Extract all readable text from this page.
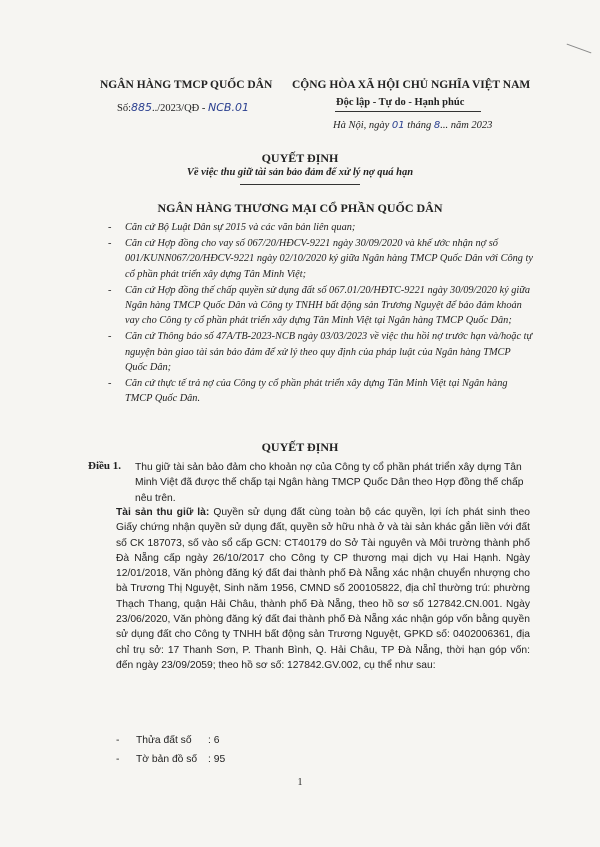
NGÂN HÀNG TMCP QUỐC DÂN CỘNG HÒA XÃ HỘI CHỦ NGHĨA VIỆT NAM
Độc lập - Tự do - Hạnh phúc
Số:885../2023/QĐ - NCB.01
Hà Nội, ngày 01 tháng 8... năm 2023
QUYẾT ĐỊNH
Về việc thu giữ tài sản bảo đảm để xử lý nợ quá hạn
NGÂN HÀNG THƯƠNG MẠI CỔ PHẦN QUỐC DÂN
- Căn cứ Bộ Luật Dân sự 2015 và các văn bản liên quan;
- Căn cứ Hợp đồng cho vay số 067/20/HĐCV-9221 ngày 30/09/2020 và khế ước nhận nợ số 001/KUNN067/20/HĐCV-9221 ngày 02/10/2020 ký giữa Ngân hàng TMCP Quốc Dân với Công ty cổ phần phát triển xây dựng Tân Minh Việt;
- Căn cứ Hợp đồng thế chấp quyền sử dụng đất số 067.01/20/HĐTC-9221 ngày 30/09/2020 ký giữa Ngân hàng TMCP Quốc Dân và Công ty TNHH bất động sản Trương Nguyệt để bảo đảm khoản vay cho Công ty cổ phần phát triển xây dựng Tân Minh Việt tại Ngân hàng TMCP Quốc Dân;
- Căn cứ Thông báo số 47A/TB-2023-NCB ngày 03/03/2023 về việc thu hồi nợ trước hạn và/hoặc tự nguyện bàn giao tài sản bảo đảm để xử lý theo quy định của pháp luật của Ngân hàng TMCP Quốc Dân;
- Căn cứ thực tế trả nợ của Công ty cổ phần phát triển xây dựng Tân Minh Việt tại Ngân hàng TMCP Quốc Dân.
QUYẾT ĐỊNH
Điều 1. Thu giữ tài sản bảo đảm cho khoản nợ của Công ty cổ phần phát triển xây dựng Tân Minh Việt đã được thế chấp tại Ngân hàng TMCP Quốc Dân theo Hợp đồng thế chấp nêu trên.
Tài sản thu giữ là: Quyền sử dụng đất cùng toàn bộ các quyền, lợi ích phát sinh theo Giấy chứng nhận quyền sử dụng đất, quyền sở hữu nhà ở và tài sản khác gắn liền với đất số CK 187073, số vào sổ cấp GCN: CT40179 do Sở Tài nguyên và Môi trường thành phố Đà Nẵng cấp ngày 26/10/2017 cho Công ty CP thương mại dịch vụ Hai Hạnh. Ngày 12/01/2018, Văn phòng đăng ký đất đai thành phố Đà Nẵng xác nhận chuyển nhượng cho bà Trương Thị Nguyệt, Sinh năm 1956, CMND số 200105822, địa chỉ thường trú: phường Thạch Thang, quận Hải Châu, thành phố Đà Nẵng, theo hồ sơ số 127842.CN.001. Ngày 23/06/2020, Văn phòng đăng ký đất đai thành phố Đà Nẵng xác nhận góp vốn bằng quyền sử dụng đất cho Công ty TNHH bất động sản Trương Nguyệt, GPKD số: 0402006361, địa chỉ trụ sở: 17 Thanh Sơn, P. Thanh Bình, Q. Hải Châu, TP Đà Nẵng, thời hạn góp vốn: đến ngày 23/09/2059; theo hồ sơ số: 127842.GV.002, cụ thể như sau:
- Thửa đất số : 6
- Tờ bản đồ số : 95

1
